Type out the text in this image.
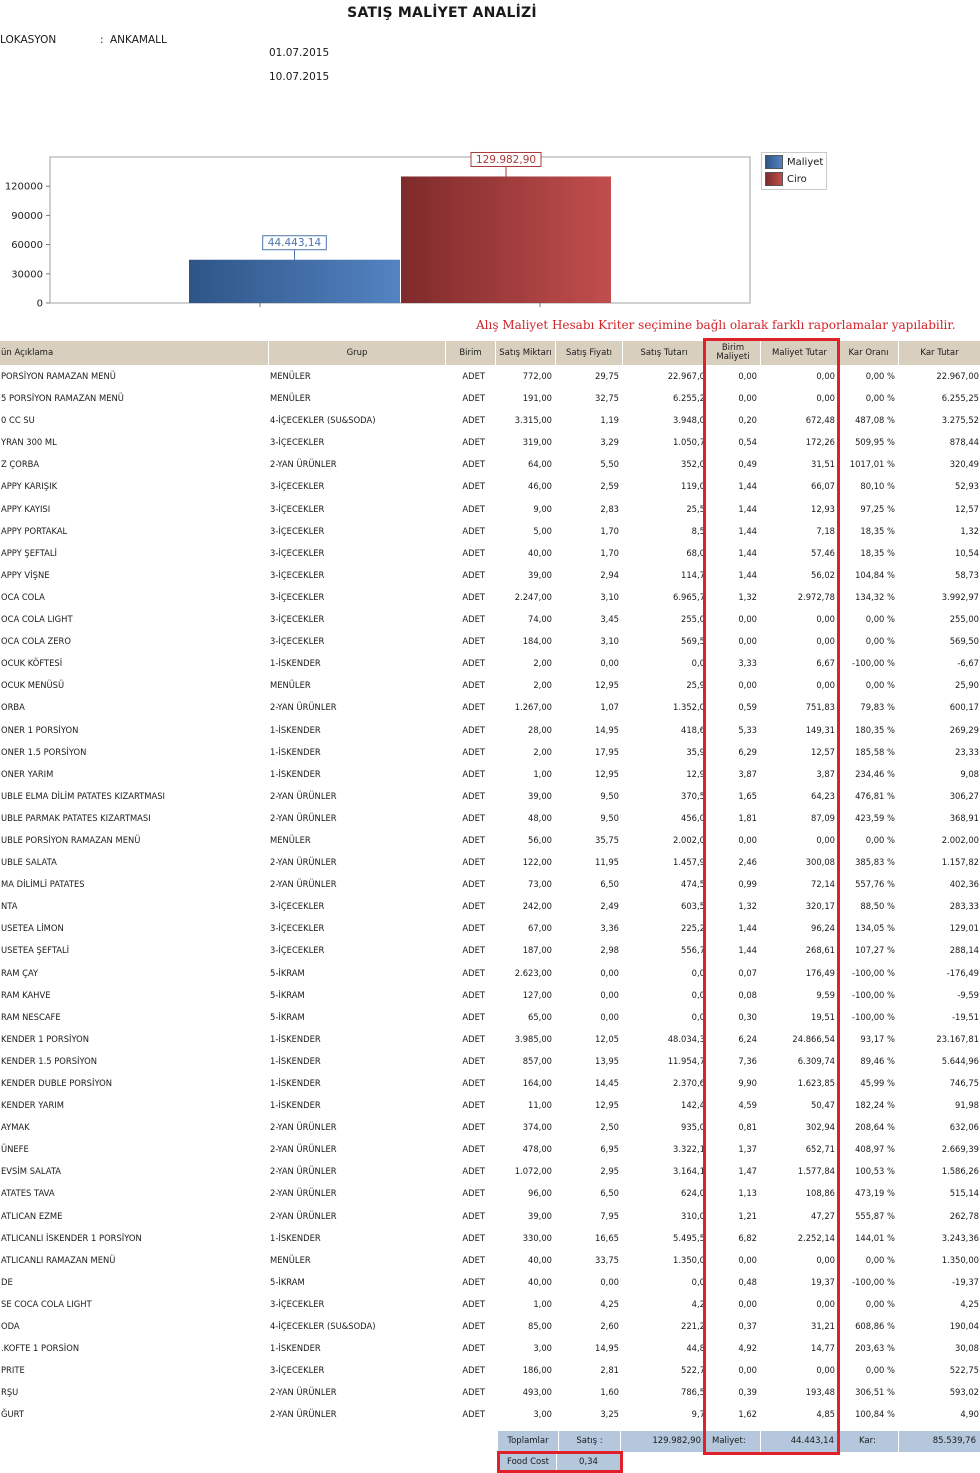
SATIŞ MALİYET ANALİZİ
LOKASYON	: ANKAMALL
01.07.2015
10.07.2015
0
30000
60000
90000
120000
44.443,14
129.982,90	Maliyet
Ciro
Alış Maliyet Hesabı Kriter seçimine bağlı olarak farklı raporlamalar yapılabilir.
ün Açıklama	Grup	Birim	Satış Miktarı	Satış Fiyatı	Satış Tutarı	Birim Maliyeti	Maliyet Tutar	Kar Oranı	Kar Tutar
PORSİYON RAMAZAN MENÜ	MENÜLER	ADET	772,00	29,75	22.967,0	0,00	0,00	0,00 %	22.967,00
5 PORSİYON RAMAZAN MENÜ	MENÜLER	ADET	191,00	32,75	6.255,2	0,00	0,00	0,00 %	6.255,25
0 CC SU	4-İÇECEKLER (SU&SODA)	ADET	3.315,00	1,19	3.948,0	0,20	672,48	487,08 %	3.275,52
YRAN 300 ML	3-İÇECEKLER	ADET	319,00	3,29	1.050,7	0,54	172,26	509,95 %	878,44
Z ÇORBA	2-YAN ÜRÜNLER	ADET	64,00	5,50	352,0	0,49	31,51	1017,01 %	320,49
APPY KARIŞIK	3-İÇECEKLER	ADET	46,00	2,59	119,0	1,44	66,07	80,10 %	52,93
APPY KAYISI	3-İÇECEKLER	ADET	9,00	2,83	25,5	1,44	12,93	97,25 %	12,57
APPY PORTAKAL	3-İÇECEKLER	ADET	5,00	1,70	8,5	1,44	7,18	18,35 %	1,32
APPY ŞEFTALİ	3-İÇECEKLER	ADET	40,00	1,70	68,0	1,44	57,46	18,35 %	10,54
APPY VİŞNE	3-İÇECEKLER	ADET	39,00	2,94	114,7	1,44	56,02	104,84 %	58,73
OCA COLA	3-İÇECEKLER	ADET	2.247,00	3,10	6.965,7	1,32	2.972,78	134,32 %	3.992,97
OCA COLA LIGHT	3-İÇECEKLER	ADET	74,00	3,45	255,0	0,00	0,00	0,00 %	255,00
OCA COLA ZERO	3-İÇECEKLER	ADET	184,00	3,10	569,5	0,00	0,00	0,00 %	569,50
OCUK KÖFTESİ	1-İSKENDER	ADET	2,00	0,00	0,0	3,33	6,67	-100,00 %	-6,67
OCUK MENÜSÜ	MENÜLER	ADET	2,00	12,95	25,9	0,00	0,00	0,00 %	25,90
ORBA	2-YAN ÜRÜNLER	ADET	1.267,00	1,07	1.352,0	0,59	751,83	79,83 %	600,17
ONER 1 PORSİYON	1-İSKENDER	ADET	28,00	14,95	418,6	5,33	149,31	180,35 %	269,29
ONER 1.5 PORSİYON	1-İSKENDER	ADET	2,00	17,95	35,9	6,29	12,57	185,58 %	23,33
ONER YARIM	1-İSKENDER	ADET	1,00	12,95	12,9	3,87	3,87	234,46 %	9,08
UBLE ELMA DİLİM PATATES KIZARTMASI	2-YAN ÜRÜNLER	ADET	39,00	9,50	370,5	1,65	64,23	476,81 %	306,27
UBLE PARMAK PATATES KIZARTMASI	2-YAN ÜRÜNLER	ADET	48,00	9,50	456,0	1,81	87,09	423,59 %	368,91
UBLE PORSİYON RAMAZAN MENÜ	MENÜLER	ADET	56,00	35,75	2.002,0	0,00	0,00	0,00 %	2.002,00
UBLE SALATA	2-YAN ÜRÜNLER	ADET	122,00	11,95	1.457,9	2,46	300,08	385,83 %	1.157,82
MA DİLİMLİ PATATES	2-YAN ÜRÜNLER	ADET	73,00	6,50	474,5	0,99	72,14	557,76 %	402,36
NTA	3-İÇECEKLER	ADET	242,00	2,49	603,5	1,32	320,17	88,50 %	283,33
USETEA LİMON	3-İÇECEKLER	ADET	67,00	3,36	225,2	1,44	96,24	134,05 %	129,01
USETEA ŞEFTALİ	3-İÇECEKLER	ADET	187,00	2,98	556,7	1,44	268,61	107,27 %	288,14
RAM ÇAY	5-İKRAM	ADET	2.623,00	0,00	0,0	0,07	176,49	-100,00 %	-176,49
RAM KAHVE	5-İKRAM	ADET	127,00	0,00	0,0	0,08	9,59	-100,00 %	-9,59
RAM NESCAFE	5-İKRAM	ADET	65,00	0,00	0,0	0,30	19,51	-100,00 %	-19,51
KENDER 1 PORSİYON	1-İSKENDER	ADET	3.985,00	12,05	48.034,3	6,24	24.866,54	93,17 %	23.167,81
KENDER 1.5 PORSİYON	1-İSKENDER	ADET	857,00	13,95	11.954,7	7,36	6.309,74	89,46 %	5.644,96
KENDER DUBLE PORSİYON	1-İSKENDER	ADET	164,00	14,45	2.370,6	9,90	1.623,85	45,99 %	746,75
KENDER YARIM	1-İSKENDER	ADET	11,00	12,95	142,4	4,59	50,47	182,24 %	91,98
AYMAK	2-YAN ÜRÜNLER	ADET	374,00	2,50	935,0	0,81	302,94	208,64 %	632,06
ÜNEFE	2-YAN ÜRÜNLER	ADET	478,00	6,95	3.322,1	1,37	652,71	408,97 %	2.669,39
EVSİM SALATA	2-YAN ÜRÜNLER	ADET	1.072,00	2,95	3.164,1	1,47	1.577,84	100,53 %	1.586,26
ATATES TAVA	2-YAN ÜRÜNLER	ADET	96,00	6,50	624,0	1,13	108,86	473,19 %	515,14
ATLICAN EZME	2-YAN ÜRÜNLER	ADET	39,00	7,95	310,0	1,21	47,27	555,87 %	262,78
ATLICANLI İSKENDER 1 PORSİYON	1-İSKENDER	ADET	330,00	16,65	5.495,5	6,82	2.252,14	144,01 %	3.243,36
ATLICANLI RAMAZAN MENÜ	MENÜLER	ADET	40,00	33,75	1.350,0	0,00	0,00	0,00 %	1.350,00
DE	5-İKRAM	ADET	40,00	0,00	0,0	0,48	19,37	-100,00 %	-19,37
SE COCA COLA LIGHT	3-İÇECEKLER	ADET	1,00	4,25	4,2	0,00	0,00	0,00 %	4,25
ODA	4-İÇECEKLER (SU&SODA)	ADET	85,00	2,60	221,2	0,37	31,21	608,86 %	190,04
.KOFTE 1 PORSİON	1-İSKENDER	ADET	3,00	14,95	44,8	4,92	14,77	203,63 %	30,08
PRITE	3-İÇECEKLER	ADET	186,00	2,81	522,7	0,00	0,00	0,00 %	522,75
RŞU	2-YAN ÜRÜNLER	ADET	493,00	1,60	786,5	0,39	193,48	306,51 %	593,02
ĞURT	2-YAN ÜRÜNLER	ADET	3,00	3,25	9,7	1,62	4,85	100,84 %	4,90
Toplamlar	Satış :	129.982,90	Maliyet:	44.443,14	Kar:	85.539,76
Food Cost	0,34
